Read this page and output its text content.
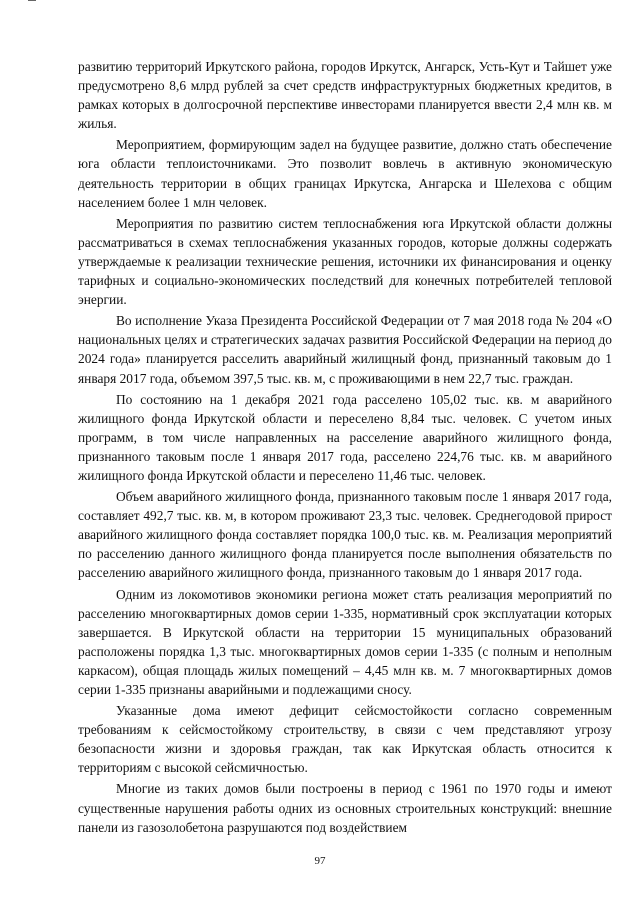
развитию территорий Иркутского района, городов Иркутск, Ангарск, Усть-Кут и Тайшет уже предусмотрено 8,6 млрд рублей за счет средств инфраструктурных бюджетных кредитов, в рамках которых в долгосрочной перспективе инвесторами планируется ввести 2,4 млн кв. м жилья.

Мероприятием, формирующим задел на будущее развитие, должно стать обеспечение юга области теплоисточниками. Это позволит вовлечь в активную экономическую деятельность территории в общих границах Иркутска, Ангарска и Шелехова с общим населением более 1 млн человек.

Мероприятия по развитию систем теплоснабжения юга Иркутской области должны рассматриваться в схемах теплоснабжения указанных городов, которые должны содержать утверждаемые к реализации технические решения, источники их финансирования и оценку тарифных и социально-экономических последствий для конечных потребителей тепловой энергии.

Во исполнение Указа Президента Российской Федерации от 7 мая 2018 года № 204 «О национальных целях и стратегических задачах развития Российской Федерации на период до 2024 года» планируется расселить аварийный жилищный фонд, признанный таковым до 1 января 2017 года, объемом 397,5 тыс. кв. м, с проживающими в нем 22,7 тыс. граждан.

По состоянию на 1 декабря 2021 года расселено 105,02 тыс. кв. м аварийного жилищного фонда Иркутской области и переселено 8,84 тыс. человек. С учетом иных программ, в том числе направленных на расселение аварийного жилищного фонда, признанного таковым после 1 января 2017 года, расселено 224,76 тыс. кв. м аварийного жилищного фонда Иркутской области и переселено 11,46 тыс. человек.

Объем аварийного жилищного фонда, признанного таковым после 1 января 2017 года, составляет 492,7 тыс. кв. м, в котором проживают 23,3 тыс. человек. Среднегодовой прирост аварийного жилищного фонда составляет порядка 100,0 тыс. кв. м. Реализация мероприятий по расселению данного жилищного фонда планируется после выполнения обязательств по расселению аварийного жилищного фонда, признанного таковым до 1 января 2017 года.

Одним из локомотивов экономики региона может стать реализация мероприятий по расселению многоквартирных домов серии 1-335, нормативный срок эксплуатации которых завершается. В Иркутской области на территории 15 муниципальных образований расположены порядка 1,3 тыс. многоквартирных домов серии 1-335 (с полным и неполным каркасом), общая площадь жилых помещений – 4,45 млн кв. м. 7 многоквартирных домов серии 1-335 признаны аварийными и подлежащими сносу.

Указанные дома имеют дефицит сейсмостойкости согласно современным требованиям к сейсмостойкому строительству, в связи с чем представляют угрозу безопасности жизни и здоровья граждан, так как Иркутская область относится к территориям с высокой сейсмичностью.

Многие из таких домов были построены в период с 1961 по 1970 годы и имеют существенные нарушения работы одних из основных строительных конструкций: внешние панели из газозолобетона разрушаются под воздействием

97
